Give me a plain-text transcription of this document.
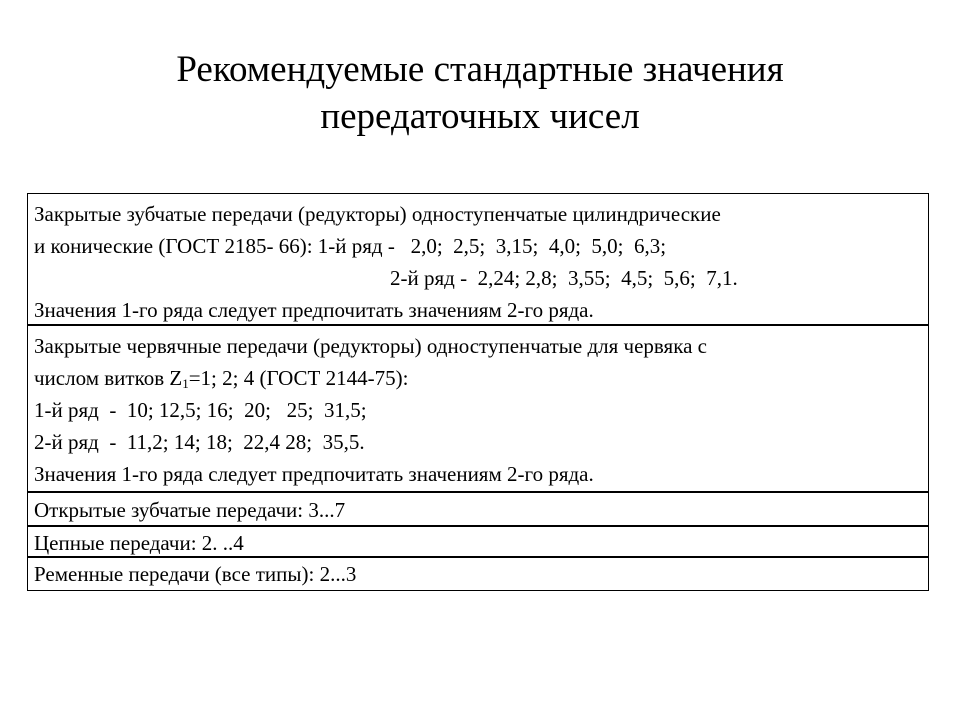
Рекомендуемые стандартные значения
передаточных чисел
Закрытые зубчатые передачи (редукторы) одноступенчатые цилиндрические
и конические (ГОСТ 2185- 66): 1-й ряд -   2,0;  2,5;  3,15;  4,0;  5,0;  6,3;
2-й ряд -  2,24; 2,8;  3,55;  4,5;  5,6;  7,1.
Значения 1-го ряда следует предпочитать значениям 2-го ряда.
Закрытые червячные передачи (редукторы) одноступенчатые для червяка с
числом витков $Z_1=1$; 2; 4 (ГОСТ 2144-75):
1-й ряд  -  10; 12,5; 16;  20;   25;  31,5;
2-й ряд  -  11,2; 14; 18;  22,4 28;  35,5.
Значения 1-го ряда следует предпочитать значениям 2-го ряда.
Открытые зубчатые передачи: 3...7
Цепные передачи: 2. ..4
Ременные передачи (все типы): 2...3
